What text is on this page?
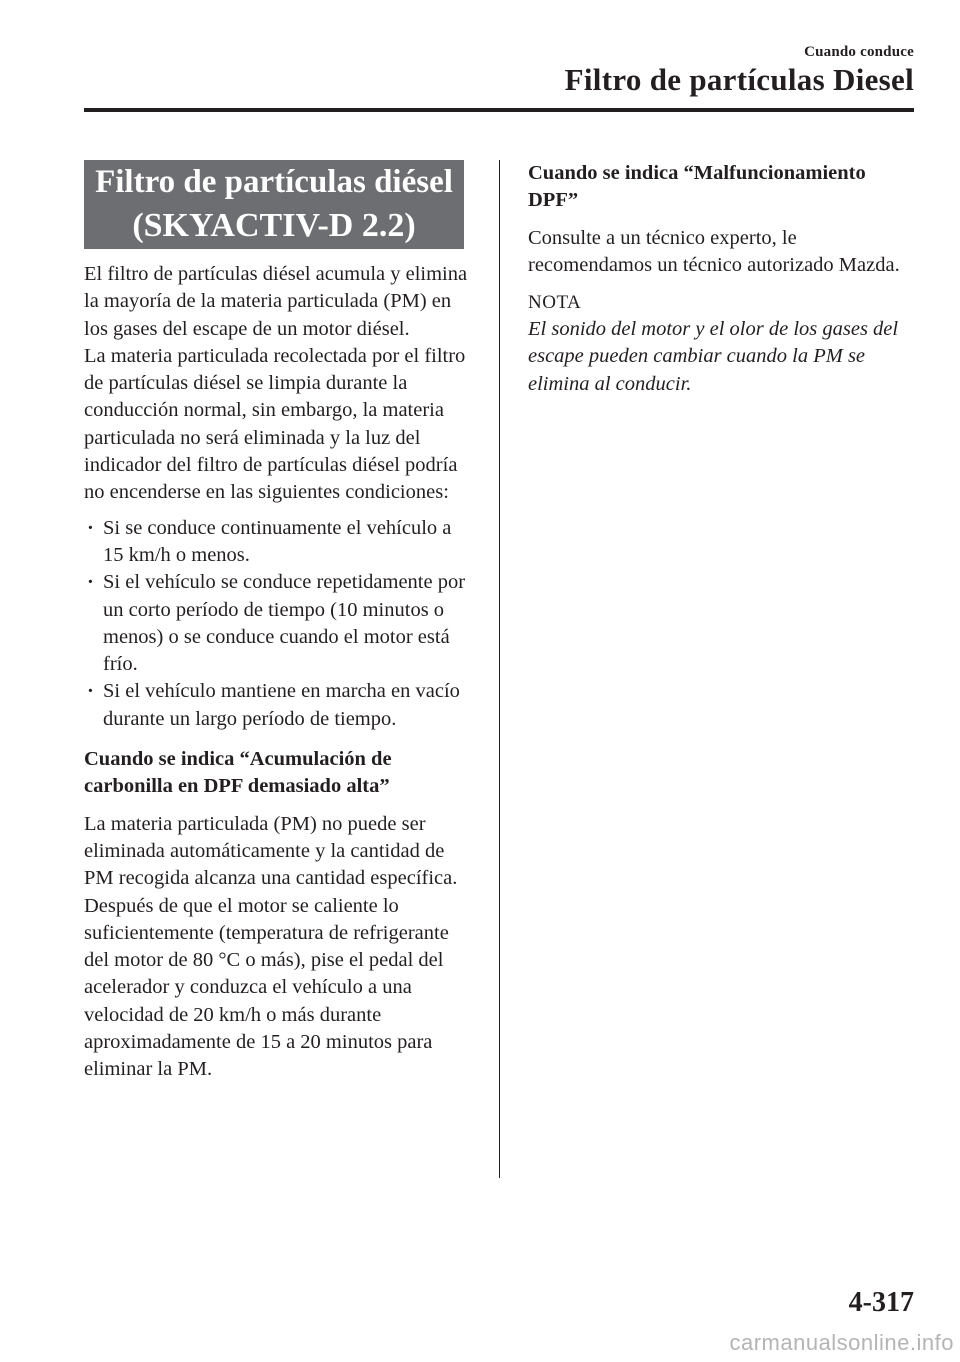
Cuando conduce
Filtro de partículas Diesel
Filtro de partículas diésel
(SKYACTIV-D 2.2)

El filtro de partículas diésel acumula y elimina la mayoría de la materia particulada (PM) en los gases del escape de un motor diésel.

La materia particulada recolectada por el filtro de partículas diésel se limpia durante la conducción normal, sin embargo, la materia particulada no será eliminada y la luz del indicador del filtro de partículas diésel podría no encenderse en las siguientes condiciones:

· Si se conduce continuamente el vehículo a 15 km/h o menos.
· Si el vehículo se conduce repetidamente por un corto período de tiempo (10 minutos o menos) o se conduce cuando el motor está frío.
· Si el vehículo mantiene en marcha en vacío durante un largo período de tiempo.

Cuando se indica “Acumulación de carbonilla en DPF demasiado alta”

La materia particulada (PM) no puede ser eliminada automáticamente y la cantidad de PM recogida alcanza una cantidad específica.

Después de que el motor se caliente lo suficientemente (temperatura de refrigerante del motor de 80 °C o más), pise el pedal del acelerador y conduzca el vehículo a una velocidad de 20 km/h o más durante aproximadamente de 15 a 20 minutos para eliminar la PM.

Cuando se indica “Malfuncionamiento DPF”

Consulte a un técnico experto, le recomendamos un técnico autorizado Mazda.

NOTA

El sonido del motor y el olor de los gases del escape pueden cambiar cuando la PM se elimina al conducir.

4-317
carmanualsonline.info
